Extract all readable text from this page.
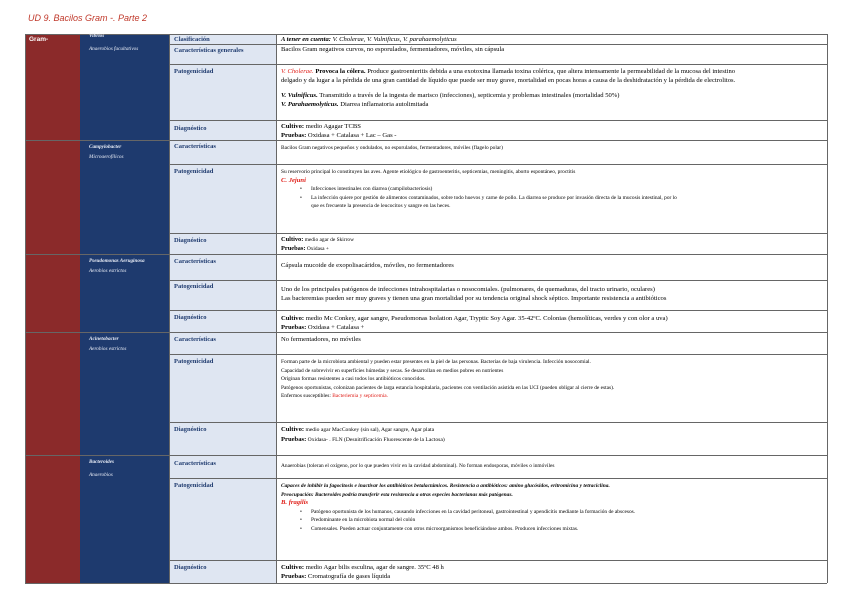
UD 9. Bacilos Gram -. Parte 2
Gram-	Vibrios
Anaerobios facultativos
Campylobacter
Microaerofílicos
Pseudomonas Aeruginosa
Aerobios estrictos
Acinetobacter
Aerobios estrictos
Bacteroides
Anaerobios
Clasificación
Características generales
Patogenicidad
Diagnóstico
Características
Patogenicidad
Diagnóstico
Características
Patogenicidad
Diagnóstico
Características
Patogenicidad
Diagnóstico
Características
Patogenicidad
Diagnóstico
A tener en cuenta: V. Cholerae, V. Vulnificus, V. parahaemolyticus
Bacilos Gram negativos curvos, no esporulados, fermentadores, móviles, sin cápsula

V. Cholerae. Provoca la cólera. Produce gastroenteritis debida a una exotoxina llamada toxina colérica, que altera intensamente la permeabilidad de la mucosa del intestino

delgado y da lugar a la pérdida de una gran cantidad de líquido que puede ser muy grave, mortalidad en pocas horas a causa de la deshidratación y la pérdida de electrolitos.

V. Vulnificus. Transmitido a través de la ingesta de marisco (infecciones), septicemia y problemas intestinales (mortalidad 50%)

V. Parahaemolyticus. Diarrea inflamatoria autolimitada

Cultivo: medio Agagar TCBS

Pruebas: Oxidasa + Catalasa + Lac – Gas -

Bacilos Gram negativos pequeños y ondulados, no esporulados, fermentadores, móviles (flagelo polar)

Su reservorio principal lo constituyen las aves. Agente etiológico de gastroenteritis, septicemias, meningitis, aborto espontáneo, proctitis

C. Jejuni

• Infecciones intestinales con diarrea (campilobacteriosis)
• La infección quiere por gestión de alimentos contaminados, sobre todo huevos y carne de pollo. La diarrea se produce por invasión directa de la mucosis intestinal, por lo
que es frecuente la presencia de leucocitos y sangre en las heces.

Cultivo: medio agar de Skirrow

Pruebas: Oxidasa +

Cápsula mucoide de exopolisacáridos, móviles, no fermentadores

Uno de los principales patógenos de infecciones intrahospitalarias o nosocomiales. (pulmonares, de quemaduras, del tracto urinario, oculares)

Las bacteremias pueden ser muy graves y tienen una gran mortalidad por su tendencia original shock séptico. Importante resistencia a antibióticos

Cultivo: medio Mc Conkey, agar sangre, Pseudomonas Isolation Agar, Tryptic Soy Agar. 35-42ºC. Colonias (hemolíticas, verdes y con olor a uva)

Pruebas: Oxidasa + Catalasa +

No fermentadores, no móviles

Forman parte de la microbiota ambiental y pueden estar presentes en la piel de las personas. Bacterias de baja virulencia. Infección nosocomial.

Capacidad de sobrevivir en superficies húmedas y secas. Se desarrollan en medios pobres en nutrientes

Originan formas resistentes a casi todos los antibióticos conocidos.

Patógenos oportunistas, colonizan pacientes de larga estancia hospitalaria, pacientes con ventilación asistida en las UCI (pueden obligar al cierre de estas).

Enfermos susceptibles: Bacteriemia y septicemia.

Cultivo: medio agar MacConkey (sin sal), Agar sangre, Agar plata

Pruebas: Oxidasa- . FLN (Desnitrificación Fluorescente de la Lactosa)

Anaerobias (toleran el oxígeno, por lo que pueden vivir en la cavidad abdominal). No forman endosporas, móviles o inmóviles

Capaces de inhibir la fagocitosis e inactivar los antibióticos betalactámicos. Resistencia a antibióticos: amino glucósidos, eritromicina y tetraciclina.

Preocupación: Bacteroides podría transferir esta resistencia a otras especies bacterianas más patógenas.

B. fragilis

• Patógeno oportunista de los humanos, causando infecciones en la cavidad peritoneal, gastrointestinal y apendicitis mediante la formación de abscesos.
• Predominante en la microbiota normal del colón
• Comensales. Pueden actuar conjuntamente con otros microorganismos beneficiándose ambos. Producen infecciones mixtas.

Cultivo: medio Agar bilis esculina, agar de sangre. 35ºC 48 h

Pruebas: Cromatografía de gases líquida
